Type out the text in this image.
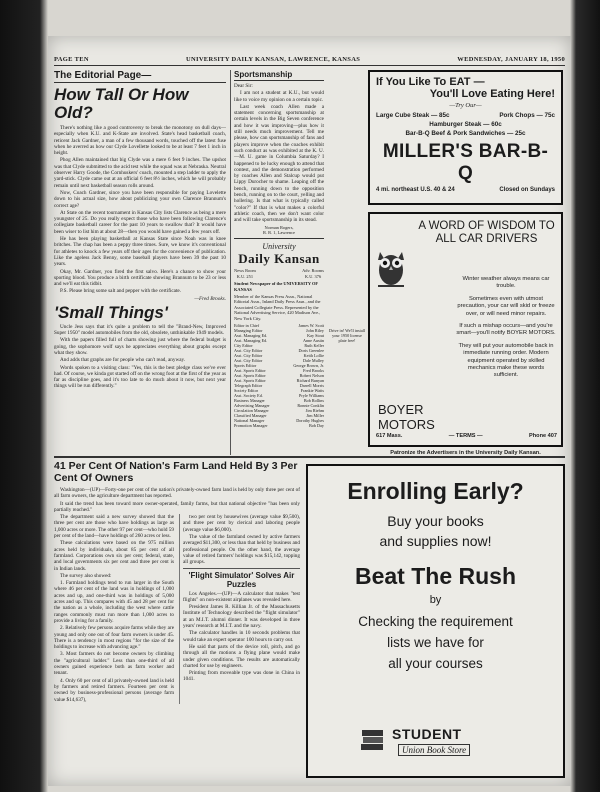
PAGE TEN	UNIVERSITY DAILY KANSAN, LAWRENCE, KANSAS	WEDNESDAY, JANUARY 18, 1950
The Editorial Page—
How Tall Or How Old?

There's nothing like a good controversy to break the monotony on dull days—especially when K.U. and K-State are involved. State's head basketball coach, reticent Jack Gardner, a man of a few thousand words, touched off the latest fuse when he averred as how our Clyde Lovellette looked to be at least 7 feet 1 inch in height.

Phog Allen maintained that big Clyde was a mere 6 feet 9 inches. The upshot was that Clyde submitted to the acid test while the squad was at Nebraska. Neutral observer Harry Goode, the Cornhuskers' coach, mounted a step ladder to apply the yard-stick. Clyde came out at an official 6 feet 8½ inches, which he will probably remain until next basketball season rolls around.

Now, Coach Gardner, since you have been responsible for paying Lovelette down to his actual size, how about publicizing your own Clarence Brannum's correct age?

At State on the recent tournament in Kansas City lists Clarence as being a mere youngster of 25. Do you really expect those who have been following Clarence's collegiate basketball career for the past 10 years to swallow that? It would have been wiser to list him at about 28—then you would have gained a few years off.

He has been playing basketball at Kansas State since Noah was in knee britches. The chap has been a peppy three times. Sure, we know it's conventional for athletes to knock a few years off their ages for the convenience of publication. Like the ageless Jack Benny, some baseball players have been 39 the past 10 years.

Okay, Mr. Gardner, you fired the first salvo. Here's a chance to show your sporting blood. You produce a birth certificate showing Brannum to be 23 or less and we'll eat this tidbit.

P.S. Please bring some salt and pepper with the certificate.

—Fred Brooks.
'Small Things'

Uncle Jess says that it's quite a problem to tell the "Brand-New, Improved Super 1950" model automobiles from the old, obsolete, unthinkable 1949 models.

With the papers filled full of charts showing just where the federal budget is going, the sophomore wolf says he appreciates everything about graphs except what they show.

And adds that graphs are for people who can't read, anyway.

Words spoken to a visiting class: "Yes, this is the best pledge class we've ever had. Of course, we kinda got started off on the wrong foot at the first of the year as far as discipline goes, and it's too late to do much about it now, but next year things will be run differently."

Sportsmanship

Dear Sir:

I am not a student at K.U., but would like to voice my opinion on a certain topic.

Last week coach Allen made a statement concerning sportsmanship at certain levels in the Big Seven conference and how it was improving—plus how it still needs much improvement. Tell me please, how can sportsmanship of fans and players improve when the coaches exhibit such conduct as was exhibited at the K. U.—M. U. game in Columbia Saturday? I happened to be lucky enough to attend that contest, and the demonstration performed by coaches Allen and Stalcup would put Lippy Durocher to shame. Leaping off the bench, running down to the opposition bench, running on to the court, yelling and hollering. Is that what is typically called "color?" If that is what makes a colorful athletic coach, then we don't want color and will take sportsmanship in its stead.

Norman Rogers,
R. R. 1, Lawrence
University
Daily Kansan
News Room
K.U. 251
Adv. Rooms
K.U. 376
Student Newspaper of the UNIVERSITY OF KANSAS
Member of the Kansas Press Assn., National Editorial Assn., Inland Daily Press Assn., and the Associated Collegiate Press. Represented by the National Advertising Service, 420 Madison Ave., New York City.
Editor in Chief	James W. Scott
Managing Editor	John Riley
Asst. Managing Ed.	Kay Stout
Asst. Managing Ed.	Anne Austin
City Editor	Ruth Keller
Asst. City Editor	Doris Greenlee
Asst. City Editor	Keith Lollie
Asst. City Editor	Dale Mulley
Sports Editor	George Brown, Jr.
Asst. Sports Editor	Fred Brooks
Asst. Sports Editor	Robert Nelson
Asst. Sports Editor	Richard Bunyan
Telegraph Editor	Darrell Morris
Society Editor	Frankie Watts
Asst. Society Ed.	Pryle Williams
Business Manager	Bob Rollins
Advertising Manager	Ronnie Conklin
Circulation Manager	Jim Riehm
Classified Manager	Jim Miller
National Manager	Dorothy Hughes
Promotion Manager	Bob Day
If You Like To EAT —
You'll Love Eating Here!
—Try Our—
Large Cube Steak — 85c	Pork Chops — 75c
Hamburger Steak — 60c
Bar-B-Q Beef & Pork Sandwiches — 25c
MILLER'S BAR-B-Q
4 mi. northeast U.S. 40 & 24	Closed on Sundays
A WORD OF WISDOM TO ALL CAR DRIVERS

Winter weather always means car trouble.

Sometimes even with utmost precaution, your car will skid or freeze over, or will need minor repairs.

If such a mishap occurs—and you're smart—you'll notify BOYER MOTORS.

They will put your automobile back in immediate running order. Modern equipment operated by skilled mechanics make these words sufficient.

BOYER
MOTORS
617 Mass.	— TERMS —	Phone 407
Drive in! We'll install your 1950 license plate free!
Patronize the Advertisers in the University Daily Kansan.
41 Per Cent Of Nation's Farm Land Held By 3 Per Cent Of Owners

Washington—(UP)—Forty-one per cent of the nation's privately-owned farm land is held by only three per cent of all farm owners, the agriculture department has reported.

It said the trend has been toward more owner-operated, family farms, but that national objective "has been only partially reached."

The department said a new survey showed that the three per cent are those who have holdings as large as 1,000 acres or more. The other 97 per cent—who hold 59 per cent of the land—have holdings of 260 acres or less.

These calculations were based on the 975 million acres held by individuals, about 85 per cent of all farmland. Corporations own six per cent; federal, state, and local governments six per cent and three per cent is in Indian lands.

The survey also showed:

1. Farmland holdings tend to run larger in the South where 46 per cent of the land was in holdings of 1,000 acres and up, and one-third was in holdings of 5,000 acres and up. This compares with 45 and 28 per cent for the nation as a whole, including the west where cattle ranges commonly must run more than 1,000 acres to provide a living for a family.

2. Relatively few persons acquire farms while they are young and only one out of four farm owners is under 45. There is a tendency in most regions "for the size of the holdings to increase with advancing age."

3. Most farmers do not become owners by climbing the "agricultural ladder." Less than one-third of all owners gained experience both as farm worker and tenant.

4. Only 60 per cent of all privately-owned land is held by farmers and retired farmers. Fourteen per cent is owned by business-professional persons (average farm value $14,637),

two per cent by housewives (average value $9,500), and three per cent by clerical and laboring people (average value $6,000).

The value of the farmland owned by active farmers averaged $11,300, or less than that held by business and professional people. On the other hand, the average value of retired farmers' holdings was $15,142, topping all groups.

'Flight Simulator' Solves Air Puzzles

Los Angeles.—(UP)—A calculator that makes "test flights" on non-existent airplanes was revealed here.

President James R. Killian Jr. of the Massachusetts Institute of Technology described the "flight simulator" at an M.I.T. alumni dinner. It was developed in three years' research at M.I.T. and the navy.

The calculator handles in 10 seconds problems that would take an expert operator 100 hours to carry out.

He said that parts of the device roll, pitch, and go through all the motions a flying plane would make under given conditions. The results are automatically charted for use by engineers.

Printing from moveable type was done in China in 1041.

Enrolling Early?
Buy your books
and supplies now!
Beat The Rush
by
Checking the requirement
lists we have for
all your courses
STUDENT
Union Book Store
